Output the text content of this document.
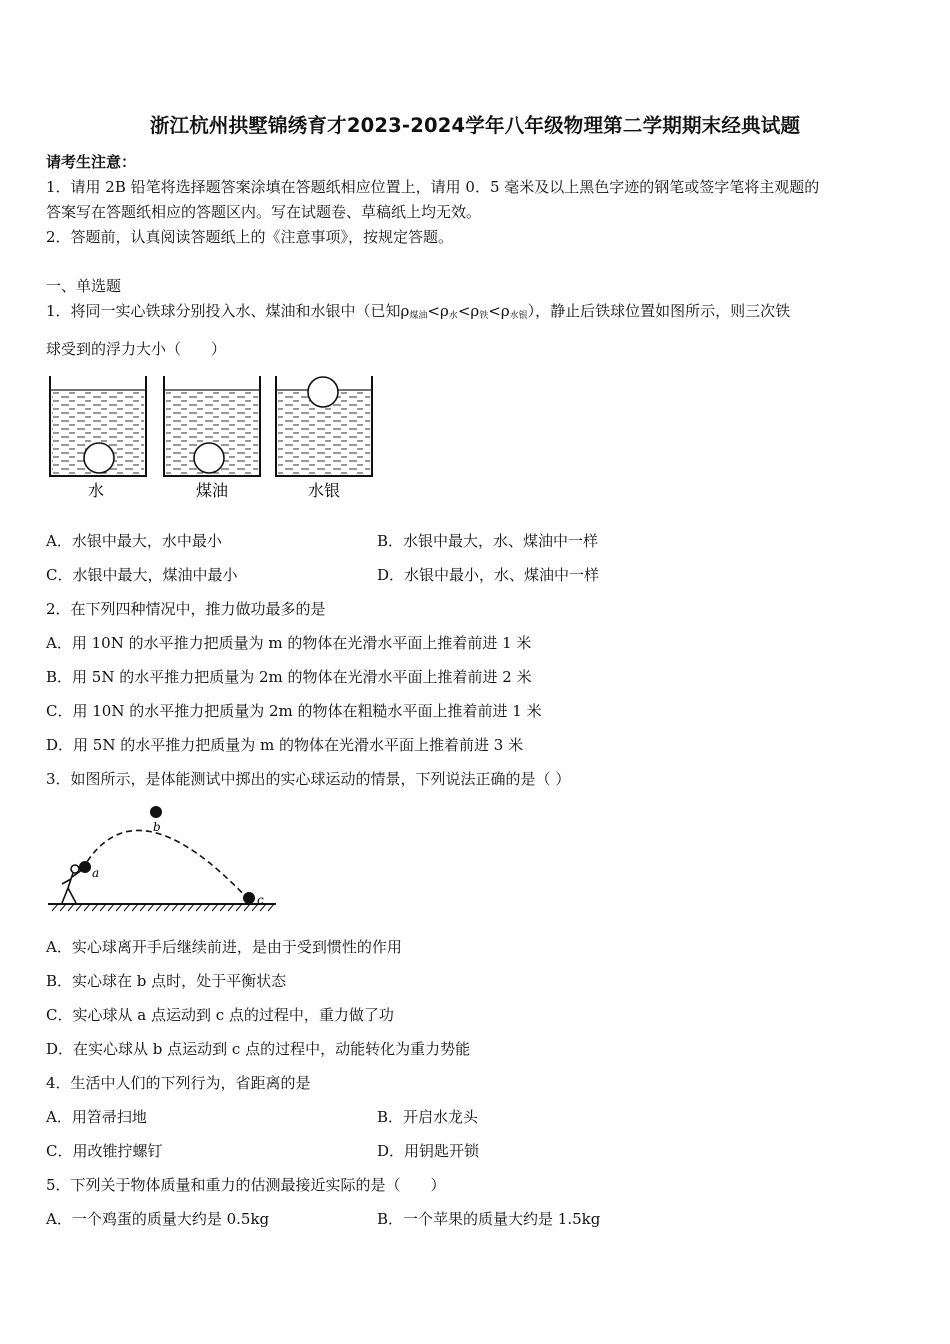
浙江杭州拱墅锦绣育才2023-2024学年八年级物理第二学期期末经典试题
请考生注意：
1．请用 2B 铅笔将选择题答案涂填在答题纸相应位置上，请用 0．5 毫米及以上黑色字迹的钢笔或签字笔将主观题的
答案写在答题纸相应的答题区内。写在试题卷、草稿纸上均无效。
2．答题前，认真阅读答题纸上的《注意事项》，按规定答题。
一、单选题
1．将同一实心铁球分别投入水、煤油和水银中（已知$\rho_{煤油}<\rho_水<\rho_铁<\rho_{水银}$），静止后铁球位置如图所示，则三次铁
球受到的浮力大小（　　）
水	煤油	水银
A．水银中最大，水中最小	B．水银中最大，水、煤油中一样
C．水银中最大，煤油中最小	D．水银中最小，水、煤油中一样
2．在下列四种情况中，推力做功最多的是
A．用 10N 的水平推力把质量为 m 的物体在光滑水平面上推着前进 1 米
B．用 5N 的水平推力把质量为 2m 的物体在光滑水平面上推着前进 2 米
C．用 10N 的水平推力把质量为 2m 的物体在粗糙水平面上推着前进 1 米
D．用 5N 的水平推力把质量为 m 的物体在光滑水平面上推着前进 3 米
3．如图所示，是体能测试中掷出的实心球运动的情景，下列说法正确的是（ ）
a
b
c
A．实心球离开手后继续前进，是由于受到惯性的作用
B．实心球在 b 点时，处于平衡状态
C．实心球从 a 点运动到 c 点的过程中，重力做了功
D．在实心球从 b 点运动到 c 点的过程中，动能转化为重力势能
4．生活中人们的下列行为，省距离的是
A．用笤帚扫地	B．开启水龙头
C．用改锥拧螺钉	D．用钥匙开锁
5．下列关于物体质量和重力的估测最接近实际的是（　　）
A．一个鸡蛋的质量大约是 0.5kg	B．一个苹果的质量大约是 1.5kg
